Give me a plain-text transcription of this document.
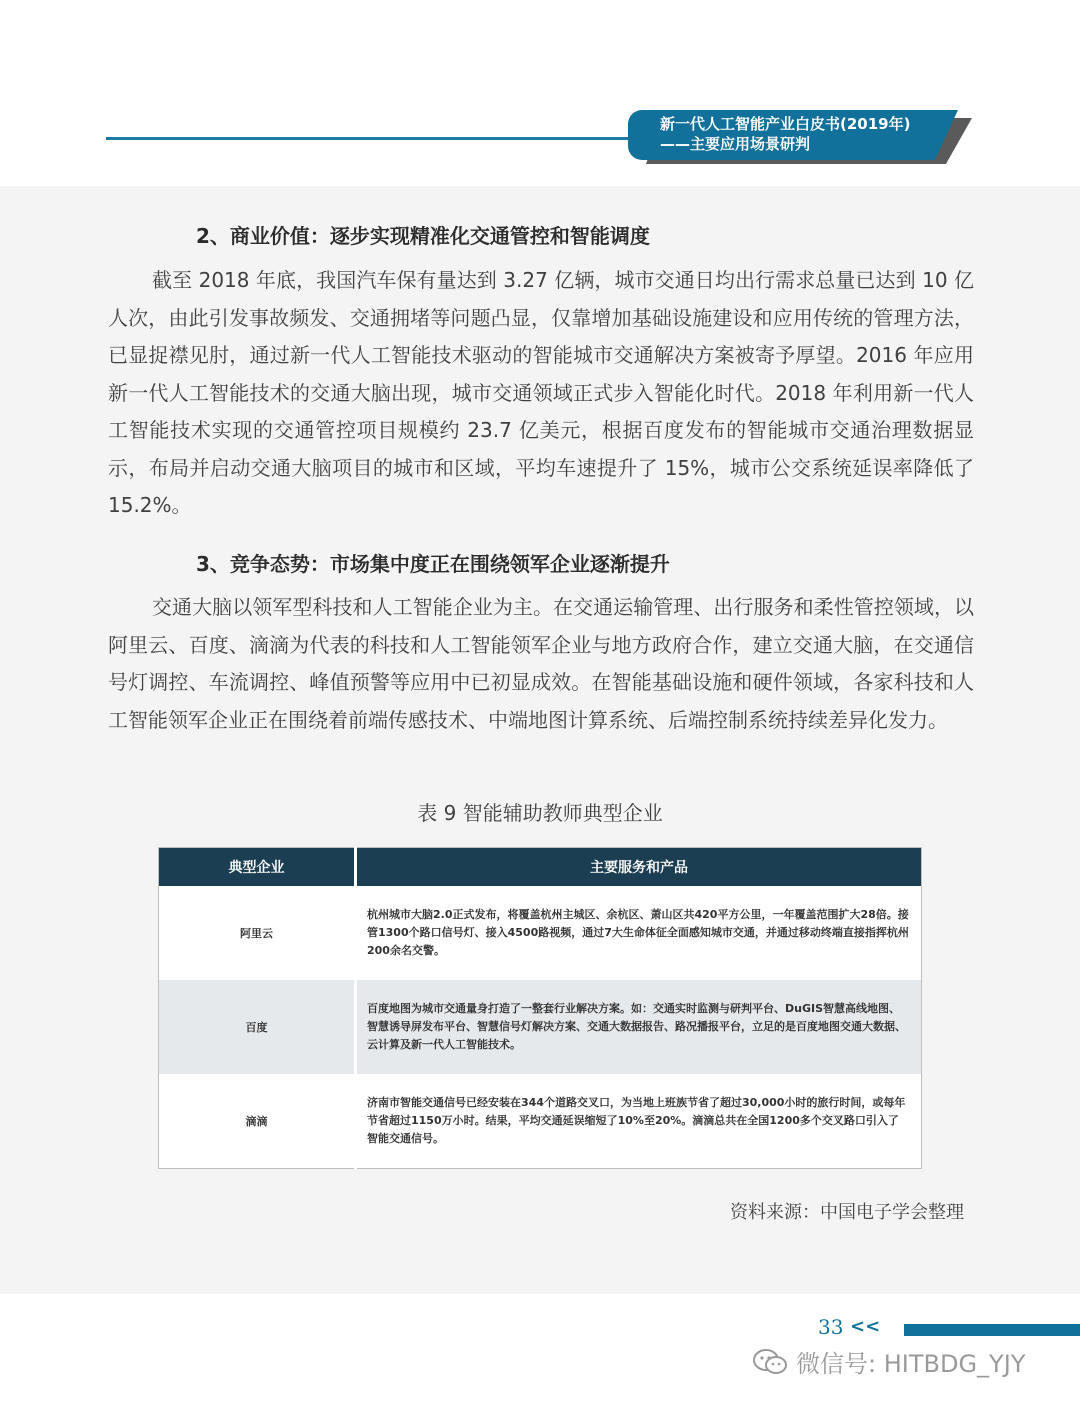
新一代人工智能产业白皮书(2019年)
——主要应用场景研判
2、商业价值：逐步实现精准化交通管控和智能调度

截至 2018 年底，我国汽车保有量达到 3.27 亿辆，城市交通日均出行需求总量已达到 10 亿人次，由此引发事故频发、交通拥堵等问题凸显，仅靠增加基础设施建设和应用传统的管理方法，已显捉襟见肘，通过新一代人工智能技术驱动的智能城市交通解决方案被寄予厚望。2016 年应用新一代人工智能技术的交通大脑出现，城市交通领域正式步入智能化时代。2018 年利用新一代人工智能技术实现的交通管控项目规模约 23.7 亿美元，根据百度发布的智能城市交通治理数据显示，布局并启动交通大脑项目的城市和区域，平均车速提升了 15%，城市公交系统延误率降低了 15.2%。

3、竞争态势：市场集中度正在围绕领军企业逐渐提升

交通大脑以领军型科技和人工智能企业为主。在交通运输管理、出行服务和柔性管控领域，以阿里云、百度、滴滴为代表的科技和人工智能领军企业与地方政府合作，建立交通大脑，在交通信号灯调控、车流调控、峰值预警等应用中已初显成效。在智能基础设施和硬件领域，各家科技和人工智能领军企业正在围绕着前端传感技术、中端地图计算系统、后端控制系统持续差异化发力。

表 9 智能辅助教师典型企业
典型企业	主要服务和产品
阿里云	杭州城市大脑2.0正式发布，将覆盖杭州主城区、余杭区、萧山区共420平方公里，一年覆盖范围扩大28倍。接管1300个路口信号灯、接入4500路视频，通过7大生命体征全面感知城市交通，并通过移动终端直接指挥杭州200余名交警。
百度	百度地图为城市交通量身打造了一整套行业解决方案。如：交通实时监测与研判平台、DuGIS智慧高线地图、智慧诱导屏发布平台、智慧信号灯解决方案、交通大数据报告、路况播报平台，立足的是百度地图交通大数据、云计算及新一代人工智能技术。
滴滴	济南市智能交通信号已经安装在344个道路交叉口，为当地上班族节省了超过30,000小时的旅行时间，或每年节省超过1150万小时。结果，平均交通延误缩短了10%至20%。滴滴总共在全国1200多个交叉路口引入了智能交通信号。
资料来源：中国电子学会整理
33 <<
微信号: HITBDG_YJY
